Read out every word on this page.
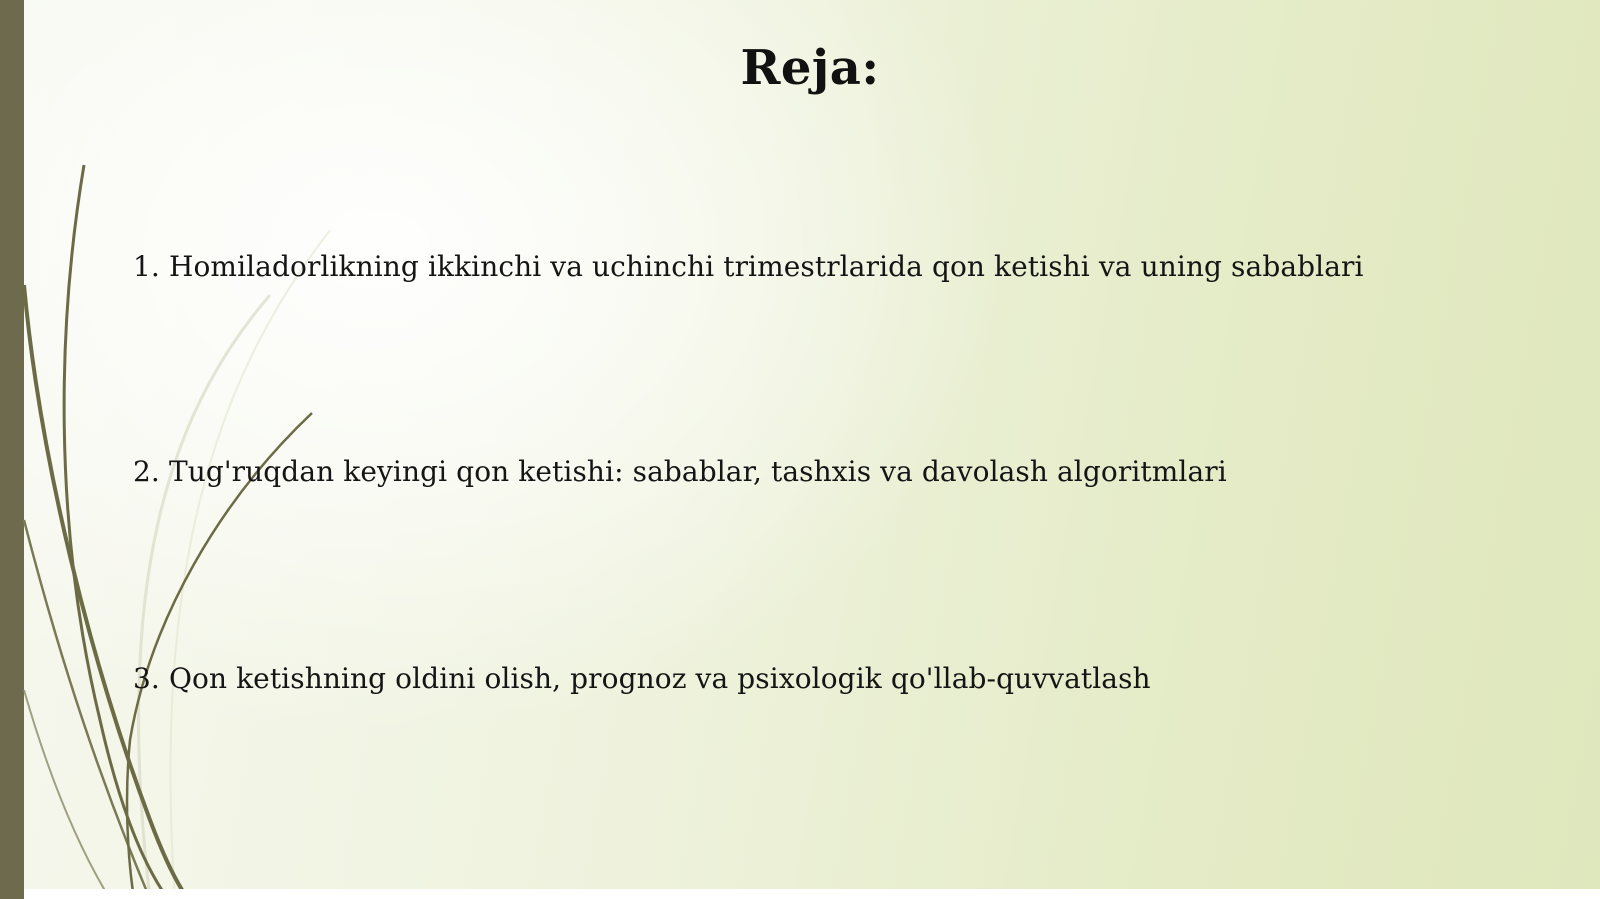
Reja:
1. Homiladorlikning ikkinchi va uchinchi trimestrlarida qon ketishi va uning sabablari
2. Tug'ruqdan keyingi qon ketishi: sabablar, tashxis va davolash algoritmlari
3. Qon ketishning oldini olish, prognoz va psixologik qo'llab-quvvatlash
